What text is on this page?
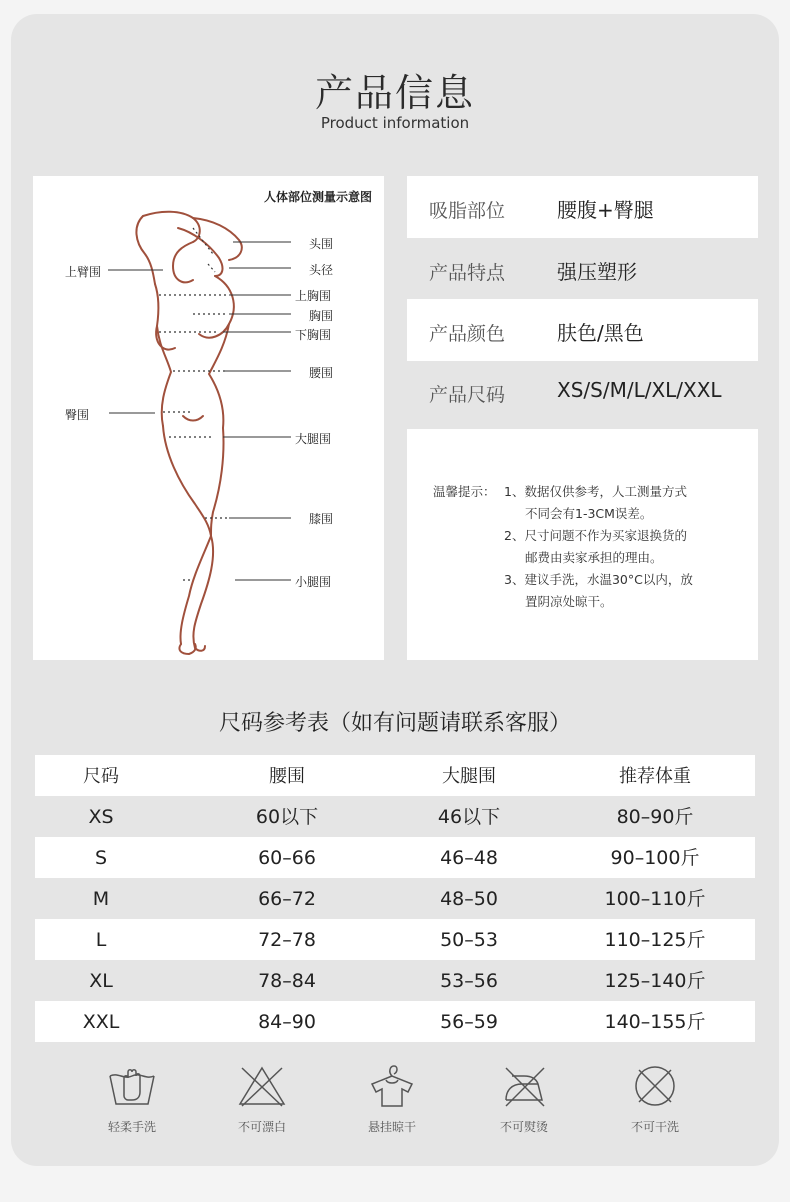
产品信息
Product information
人体部位测量示意图
头围
头径
上臂围
上胸围
胸围
下胸围
腰围
臀围
大腿围
膝围
小腿围
吸脂部位	腰腹+臀腿
产品特点	强压塑形
产品颜色	肤色/黑色
产品尺码	XS/S/M/L/XL/XXL
温馨提示： 1、数据仅供参考，人工测量方式
不同会有1-3CM误差。
2、尺寸问题不作为买家退换货的
邮费由卖家承担的理由。
3、建议手洗，水温30°C以内，放
置阴凉处晾干。
尺码参考表（如有问题请联系客服）
尺码	腰围	大腿围	推荐体重
XS	60以下	46以下	80–90斤
S	60–66	46–48	90–100斤
M	66–72	48–50	100–110斤
L	72–78	50–53	110–125斤
XL	78–84	53–56	125–140斤
XXL	84–90	56–59	140–155斤
轻柔手洗	不可漂白	悬挂晾干	不可熨烫	不可干洗
